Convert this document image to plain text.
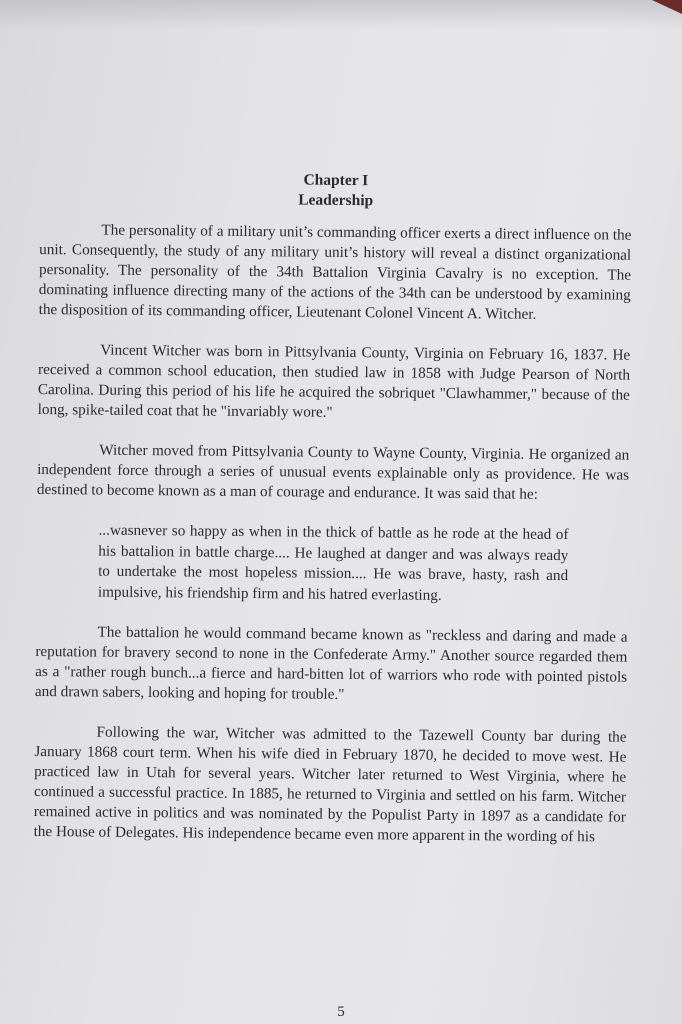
Chapter I
Leadership

The personality of a military unit’s commanding officer exerts a direct influence on the unit. Consequently, the study of any military unit’s history will reveal a distinct organizational personality. The personality of the 34th Battalion Virginia Cavalry is no exception. The dominating influence directing many of the actions of the 34th can be understood by examining the disposition of its commanding officer, Lieutenant Colonel Vincent A. Witcher.

Vincent Witcher was born in Pittsylvania County, Virginia on February 16, 1837. He received a common school education, then studied law in 1858 with Judge Pearson of North Carolina. During this period of his life he acquired the sobriquet "Clawhammer," because of the long, spike-tailed coat that he "invariably wore."

Witcher moved from Pittsylvania County to Wayne County, Virginia. He organized an independent force through a series of unusual events explainable only as providence. He was destined to become known as a man of courage and endurance. It was said that he:

...wasnever so happy as when in the thick of battle as he rode at the head of his battalion in battle charge.... He laughed at danger and was always ready to undertake the most hopeless mission.... He was brave, hasty, rash and impulsive, his friendship firm and his hatred everlasting.

The battalion he would command became known as "reckless and daring and made a reputation for bravery second to none in the Confederate Army." Another source regarded them as a "rather rough bunch...a fierce and hard-bitten lot of warriors who rode with pointed pistols and drawn sabers, looking and hoping for trouble."

Following the war, Witcher was admitted to the Tazewell County bar during the January 1868 court term. When his wife died in February 1870, he decided to move west. He practiced law in Utah for several years. Witcher later returned to West Virginia, where he continued a successful practice. In 1885, he returned to Virginia and settled on his farm. Witcher remained active in politics and was nominated by the Populist Party in 1897 as a candidate for the House of Delegates. His independence became even more apparent in the wording of his

5
